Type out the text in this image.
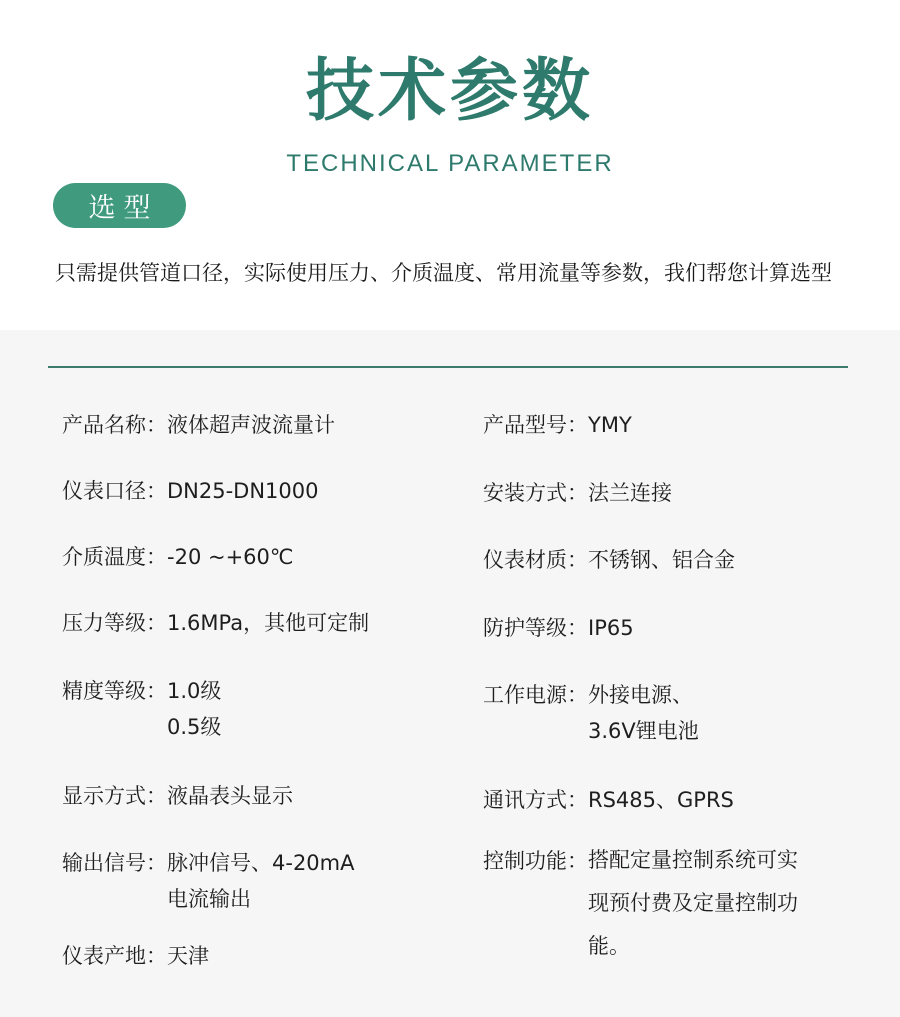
技术参数
TECHNICAL PARAMETER
选型
只需提供管道口径，实际使用压力、介质温度、常用流量等参数，我们帮您计算选型
产品名称： 液体超声波流量计
仪表口径： DN25-DN1000
介质温度： -20 ~+60℃
压力等级： 1.6MPa，其他可定制
精度等级： 1.0级
0.5级
显示方式： 液晶表头显示
输出信号： 脉冲信号、4-20mA
电流输出
仪表产地： 天津
产品型号： YMY
安装方式： 法兰连接
仪表材质： 不锈钢、铝合金
防护等级： IP65
工作电源： 外接电源、
3.6V锂电池
通讯方式： RS485、GPRS
控制功能： 搭配定量控制系统可实现预付费及定量控制功能。
